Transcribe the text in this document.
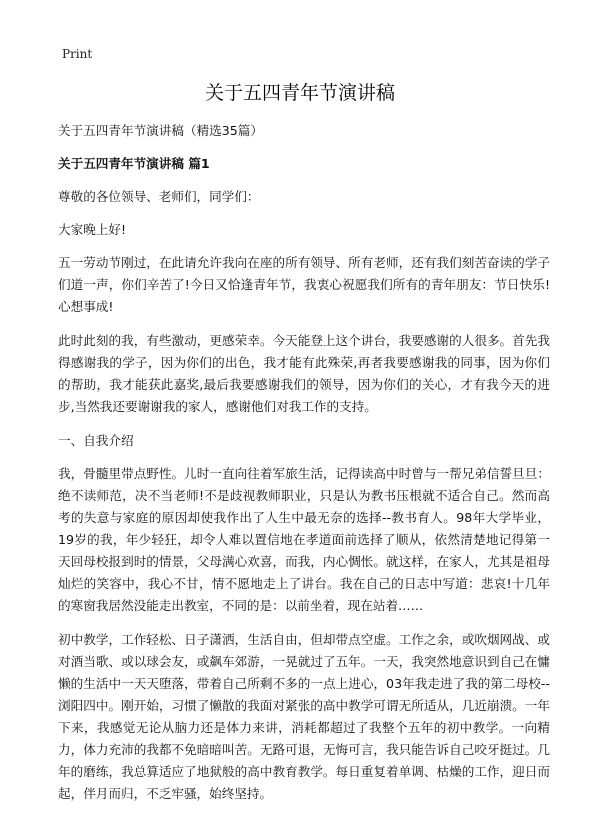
Print
关于五四青年节演讲稿

关于五四青年节演讲稿（精选35篇）

关于五四青年节演讲稿 篇1

尊敬的各位领导、老师们，同学们：

大家晚上好!

五一劳动节刚过，在此请允许我向在座的所有领导、所有老师，还有我们刻苦奋读的学子们道一声，你们辛苦了!今日又恰逢青年节，我衷心祝愿我们所有的青年朋友：节日快乐!心想事成!

此时此刻的我，有些激动，更感荣幸。今天能登上这个讲台，我要感谢的人很多。首先我得感谢我的学子，因为你们的出色，我才能有此殊荣,再者我要感谢我的同事，因为你们的帮助，我才能获此嘉奖,最后我要感谢我们的领导，因为你们的关心，才有我今天的进步,当然我还要谢谢我的家人，感谢他们对我工作的支持。

一、自我介绍

我，骨髓里带点野性。儿时一直向往着军旅生活，记得读高中时曾与一帮兄弟信誓旦旦：绝不读师范，决不当老师!不是歧视教师职业，只是认为教书压根就不适合自己。然而高考的失意与家庭的原因却使我作出了人生中最无奈的选择--教书育人。98年大学毕业，19岁的我，年少轻狂，却令人难以置信地在孝道面前选择了顺从，依然清楚地记得第一天回母校报到时的情景，父母满心欢喜，而我，内心惆怅。就这样，在家人，尤其是祖母灿烂的笑容中，我心不甘，情不愿地走上了讲台。我在自己的日志中写道：悲哀!十几年的寒窗我居然没能走出教室，不同的是：以前坐着，现在站着……

初中教学，工作轻松、日子潇洒，生活自由，但却带点空虚。工作之余，或吹烟网战、或对酒当歌、或以球会友，或飙车郊游，一晃就过了五年。一天，我突然地意识到自己在慵懒的生活中一天天堕落，带着自己所剩不多的一点上进心，03年我走进了我的第二母校--浏阳四中。刚开始，习惯了懒散的我面对紧张的高中教学可谓无所适从，几近崩溃。一年下来，我感觉无论从脑力还是体力来讲，消耗都超过了我整个五年的初中教学。一向精力，体力充沛的我都不免暗暗叫苦。无路可退，无悔可言，我只能告诉自己咬牙挺过。几年的磨练，我总算适应了地狱般的高中教育教学。每日重复着单调、枯燥的工作，迎日而起，伴月而归，不乏牢骚，始终坚持。
